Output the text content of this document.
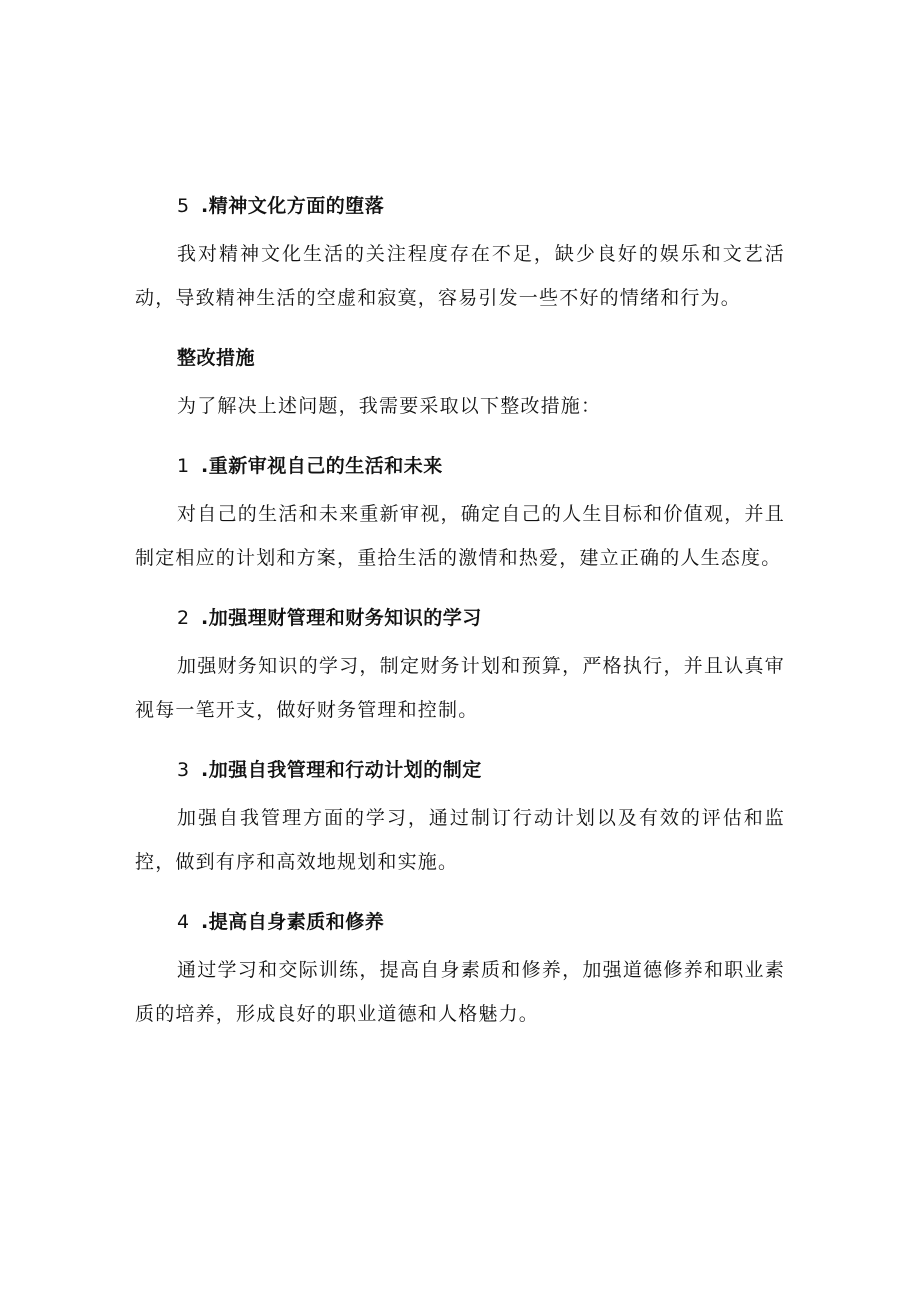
5 .精神文化方面的堕落

我对精神文化生活的关注程度存在不足，缺少良好的娱乐和文艺活动，导致精神生活的空虚和寂寞，容易引发一些不好的情绪和行为。

整改措施

为了解决上述问题，我需要采取以下整改措施：

1 .重新审视自己的生活和未来

对自己的生活和未来重新审视，确定自己的人生目标和价值观，并且制定相应的计划和方案，重拾生活的激情和热爱，建立正确的人生态度。

2 .加强理财管理和财务知识的学习

加强财务知识的学习，制定财务计划和预算，严格执行，并且认真审视每一笔开支，做好财务管理和控制。

3 .加强自我管理和行动计划的制定

加强自我管理方面的学习，通过制订行动计划以及有效的评估和监控，做到有序和高效地规划和实施。

4 .提高自身素质和修养

通过学习和交际训练，提高自身素质和修养，加强道德修养和职业素质的培养，形成良好的职业道德和人格魅力。
